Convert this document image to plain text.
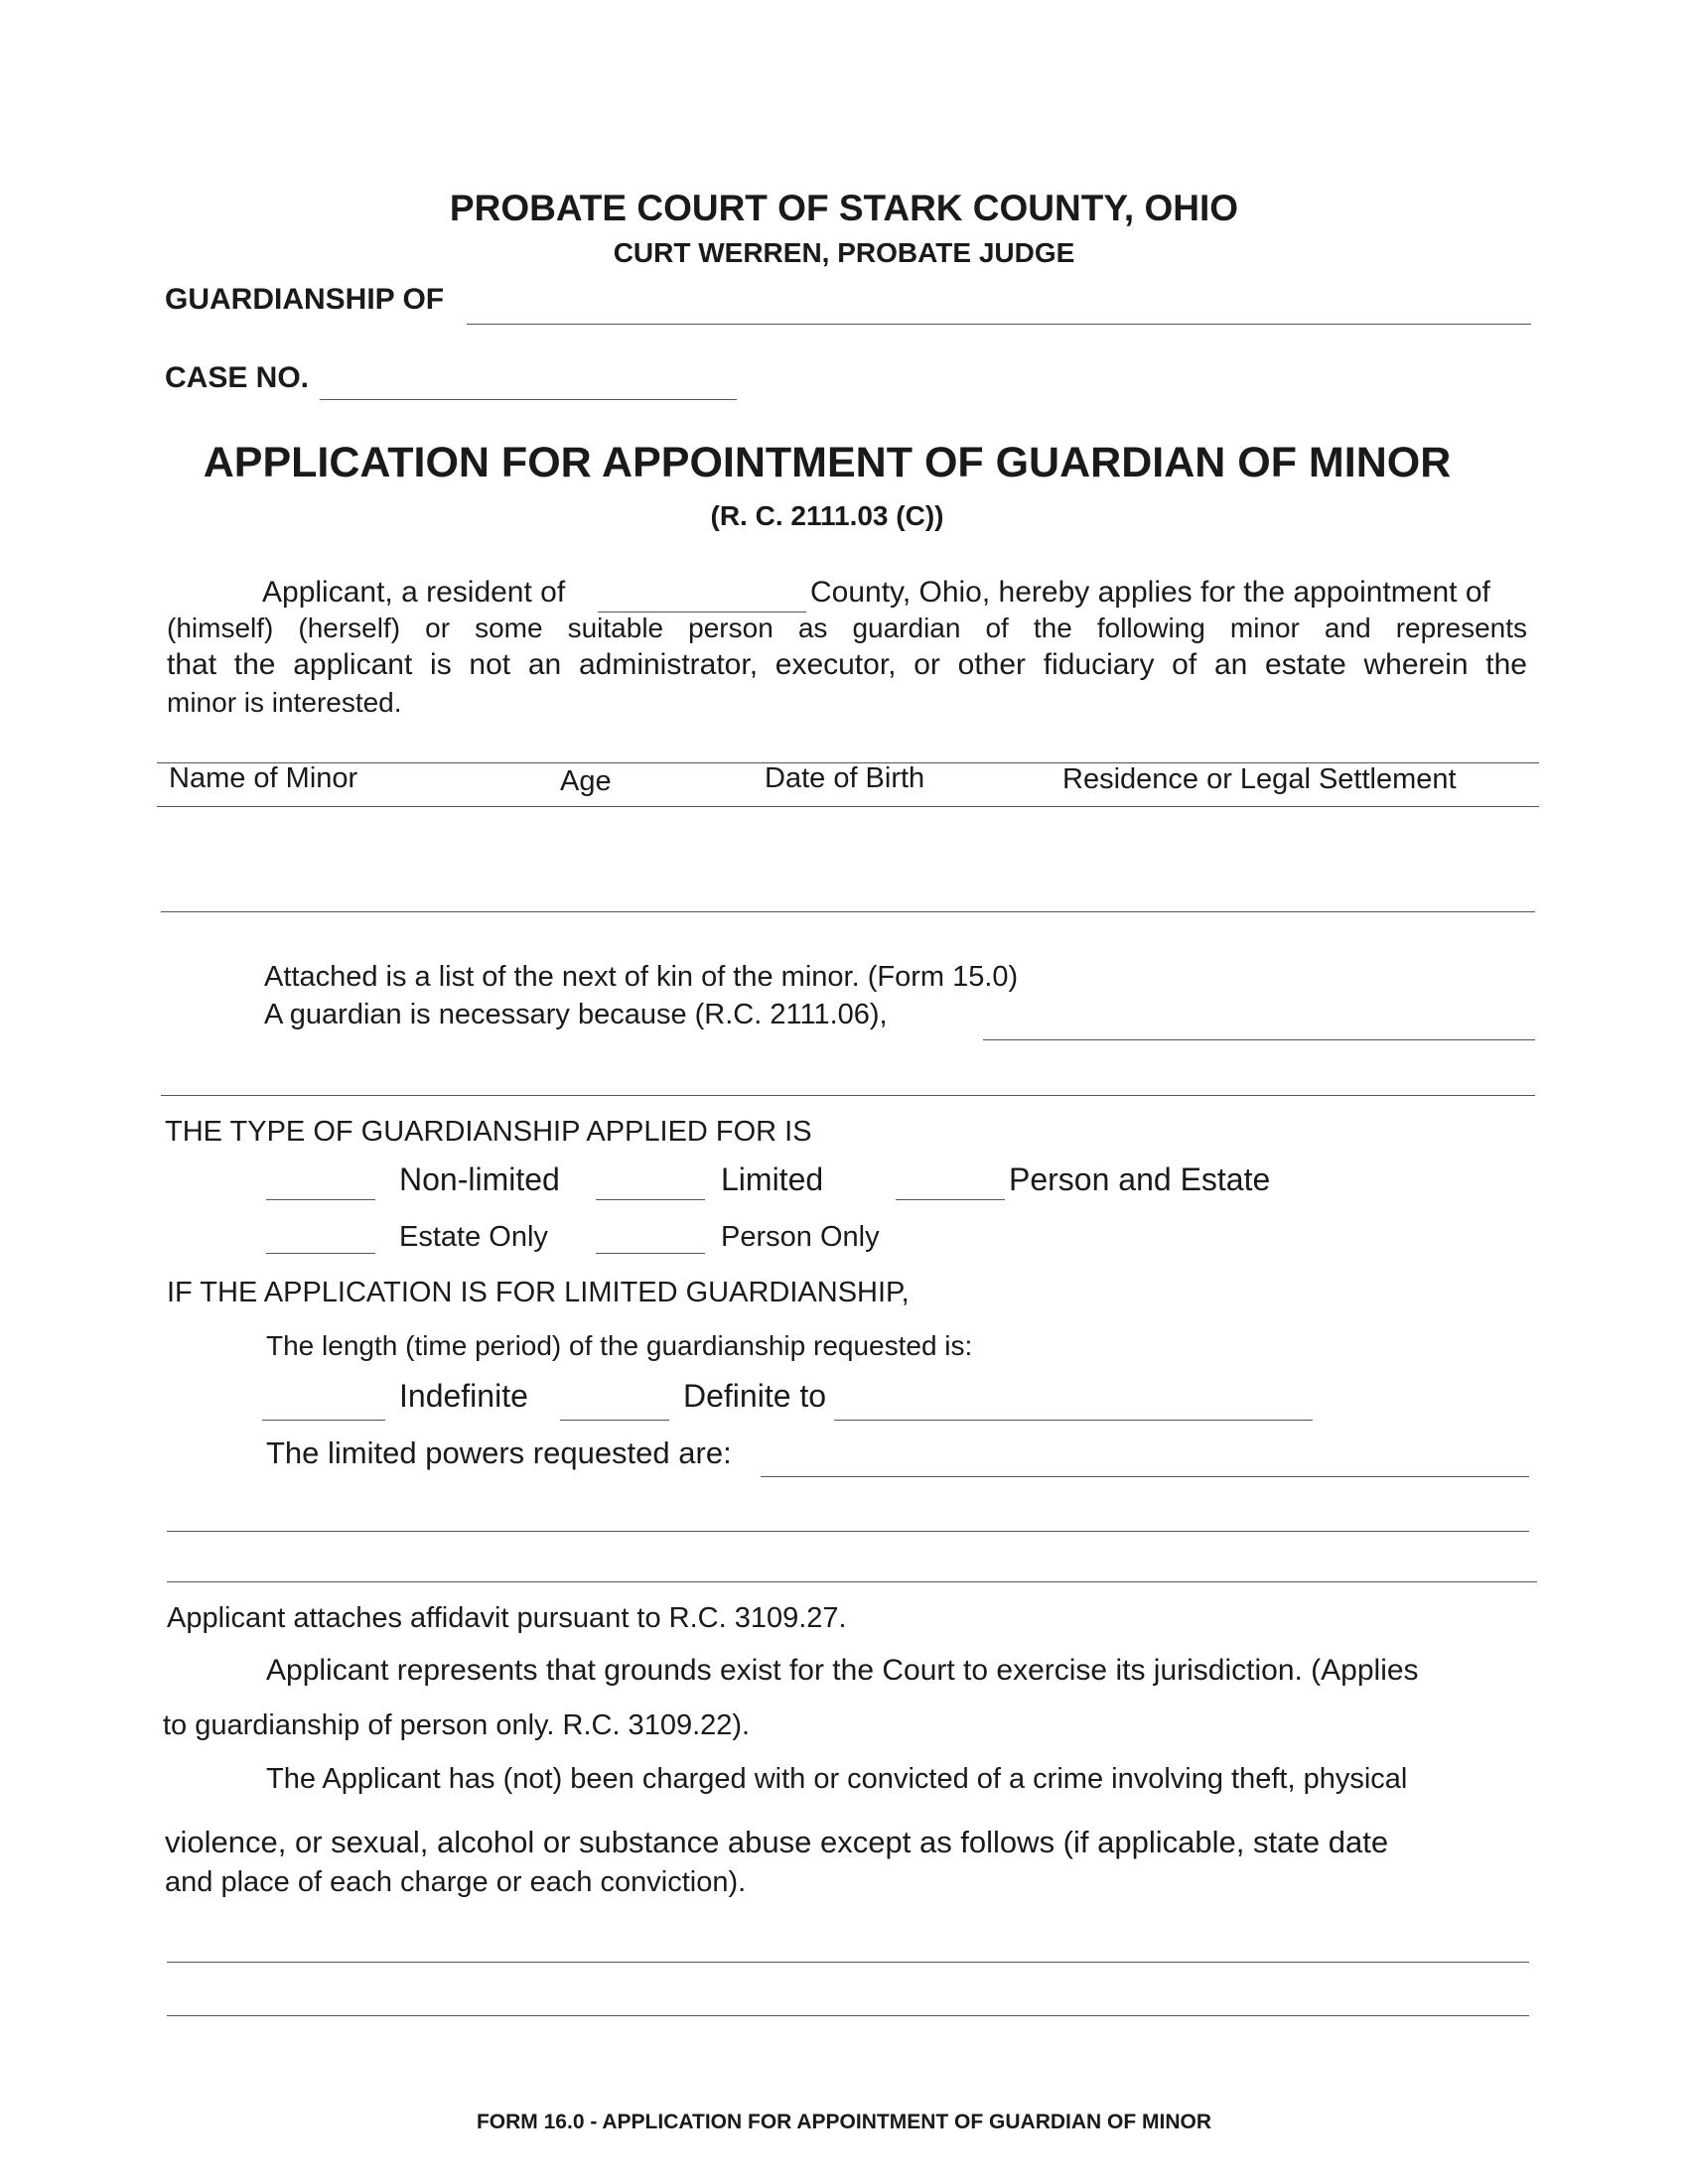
PROBATE COURT OF STARK COUNTY, OHIO
CURT WERREN, PROBATE JUDGE
GUARDIANSHIP OF
CASE NO.
APPLICATION FOR APPOINTMENT OF GUARDIAN OF MINOR
(R. C. 2111.03 (C))
Applicant, a resident of	County, Ohio, hereby applies for the appointment of
(himself) (herself) or some suitable person as guardian of the following minor and represents
that the applicant is not an administrator, executor, or other fiduciary of an estate wherein the
minor is interested.
Name of Minor	Age	Date of Birth	Residence or Legal Settlement
Attached is a list of the next of kin of the minor. (Form 15.0)
A guardian is necessary because (R.C. 2111.06),
THE TYPE OF GUARDIANSHIP APPLIED FOR IS
Non-limited	Limited	Person and Estate
Estate Only	Person Only
IF THE APPLICATION IS FOR LIMITED GUARDIANSHIP,
The length (time period) of the guardianship requested is:
Indefinite	Definite to
The limited powers requested are:
Applicant attaches affidavit pursuant to R.C. 3109.27.
Applicant represents that grounds exist for the Court to exercise its jurisdiction. (Applies
to guardianship of person only. R.C. 3109.22).
The Applicant has (not) been charged with or convicted of a crime involving theft, physical
violence, or sexual, alcohol or substance abuse except as follows (if applicable, state date
and place of each charge or each conviction).
FORM 16.0 - APPLICATION FOR APPOINTMENT OF GUARDIAN OF MINOR
